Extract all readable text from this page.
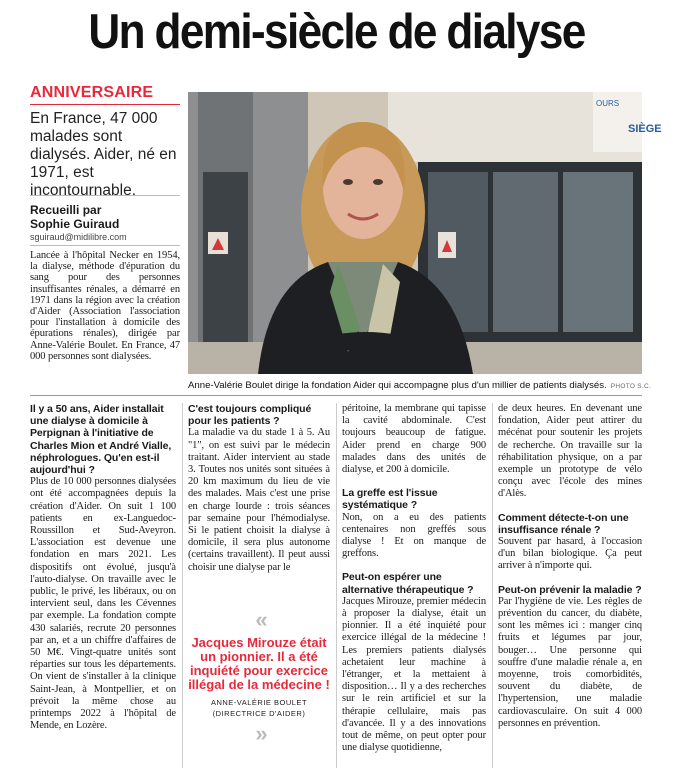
Un demi-siècle de dialyse
ANNIVERSAIRE
En France, 47 000 malades sont dialysés. Aider, né en 1971, est incontournable.
Recueilli par
Sophie Guiraud
sguiraud@midilibre.com
Lancée à l'hôpital Necker en 1954, la dialyse, méthode d'épuration du sang pour des personnes insuffisantes rénales, a démarré en 1971 dans la région avec la création d'Aider (Association l'association pour l'installation à domicile des épurations rénales), dirigée par Anne-Valérie Boulet. En France, 47 000 personnes sont dialysées.
SIÈGE
OURS
Anne-Valérie Boulet dirige la fondation Aider qui accompagne plus d'un millier de patients dialysés. PHOTO S.C.

Il y a 50 ans, Aider installait une dialyse à domicile à Perpignan à l'initiative de Charles Mion et André Vialle, néphrologues. Qu'en est-il aujourd'hui ?

Plus de 10 000 personnes dialysées ont été accompagnées depuis la création d'Aider. On suit 1 100 patients en ex-Languedoc-Roussillon et Sud-Aveyron. L'association est devenue une fondation en mars 2021. Les dispositifs ont évolué, jusqu'à l'auto-dialyse. On travaille avec le public, le privé, les libéraux, ou on intervient seul, dans les Cévennes par exemple. La fondation compte 430 salariés, recrute 20 personnes par an, et a un chiffre d'affaires de 50 M€. Vingt-quatre unités sont réparties sur tous les départements. On vient de s'installer à la clinique Saint-Jean, à Montpellier, et on prévoit la même chose au printemps 2022 à l'hôpital de Mende, en Lozère.

C'est toujours compliqué pour les patients ?

La maladie va du stade 1 à 5. Au "1", on est suivi par le médecin traitant. Aider intervient au stade 3. Toutes nos unités sont situées à 20 km maximum du lieu de vie des malades. Mais c'est une prise en charge lourde : trois séances par semaine pour l'hémodialyse. Si le patient choisit la dialyse à domicile, il sera plus autonome (certains travaillent). Il peut aussi choisir une dialyse par le

«
Jacques Mirouze était un pionnier. Il a été inquiété pour exercice illégal de la médecine !
ANNE-VALÉRIE BOULET
(DIRECTRICE D'AIDER)
»

péritoine, la membrane qui tapisse la cavité abdominale. C'est toujours beaucoup de fatigue. Aider prend en charge 900 malades dans des unités de dialyse, et 200 à domicile.

La greffe est l'issue systématique ?

Non, on a eu des patients centenaires non greffés sous dialyse ! Et on manque de greffons.

Peut-on espérer une alternative thérapeutique ?

Jacques Mirouze, premier médecin à proposer la dialyse, était un pionnier. Il a été inquiété pour exercice illégal de la médecine ! Les premiers patients dialysés achetaient leur machine à l'étranger, et la mettaient à disposition… Il y a des recherches sur le rein artificiel et sur la thérapie cellulaire, mais pas d'avancée. Il y a des innovations tout de même, on peut opter pour une dialyse quotidienne,

de deux heures. En devenant une fondation, Aider peut attirer du mécénat pour soutenir les projets de recherche. On travaille sur la réhabilitation physique, on a par exemple un prototype de vélo conçu avec l'école des mines d'Alès.

Comment détecte-t-on une insuffisance rénale ?

Souvent par hasard, à l'occasion d'un bilan biologique. Ça peut arriver à n'importe qui.

Peut-on prévenir la maladie ?

Par l'hygiène de vie. Les règles de prévention du cancer, du diabète, sont les mêmes ici : manger cinq fruits et légumes par jour, bouger… Une personne qui souffre d'une maladie rénale a, en moyenne, trois comorbidités, souvent du diabète, de l'hypertension, une maladie cardiovasculaire. On suit 4 000 personnes en prévention.
